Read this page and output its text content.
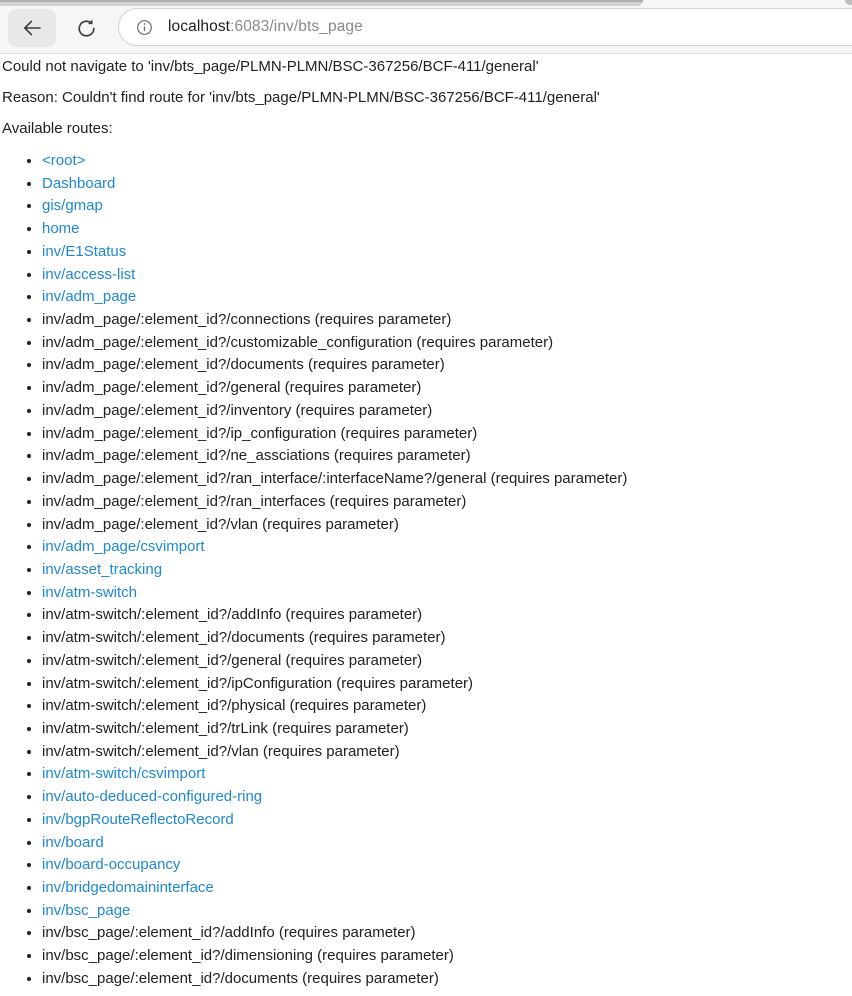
localhost:6083/inv/bts_page

Could not navigate to 'inv/bts_page/PLMN-PLMN/BSC-367256/BCF-411/general'

Reason: Couldn't find route for 'inv/bts_page/PLMN-PLMN/BSC-367256/BCF-411/general'

Available routes:

• <root>
• Dashboard
• gis/gmap
• home
• inv/E1Status
• inv/access-list
• inv/adm_page
• inv/adm_page/:element_id?/connections (requires parameter)
• inv/adm_page/:element_id?/customizable_configuration (requires parameter)
• inv/adm_page/:element_id?/documents (requires parameter)
• inv/adm_page/:element_id?/general (requires parameter)
• inv/adm_page/:element_id?/inventory (requires parameter)
• inv/adm_page/:element_id?/ip_configuration (requires parameter)
• inv/adm_page/:element_id?/ne_assciations (requires parameter)
• inv/adm_page/:element_id?/ran_interface/:interfaceName?/general (requires parameter)
• inv/adm_page/:element_id?/ran_interfaces (requires parameter)
• inv/adm_page/:element_id?/vlan (requires parameter)
• inv/adm_page/csvimport
• inv/asset_tracking
• inv/atm-switch
• inv/atm-switch/:element_id?/addInfo (requires parameter)
• inv/atm-switch/:element_id?/documents (requires parameter)
• inv/atm-switch/:element_id?/general (requires parameter)
• inv/atm-switch/:element_id?/ipConfiguration (requires parameter)
• inv/atm-switch/:element_id?/physical (requires parameter)
• inv/atm-switch/:element_id?/trLink (requires parameter)
• inv/atm-switch/:element_id?/vlan (requires parameter)
• inv/atm-switch/csvimport
• inv/auto-deduced-configured-ring
• inv/bgpRouteReflectoRecord
• inv/board
• inv/board-occupancy
• inv/bridgedomaininterface
• inv/bsc_page
• inv/bsc_page/:element_id?/addInfo (requires parameter)
• inv/bsc_page/:element_id?/dimensioning (requires parameter)
• inv/bsc_page/:element_id?/documents (requires parameter)
